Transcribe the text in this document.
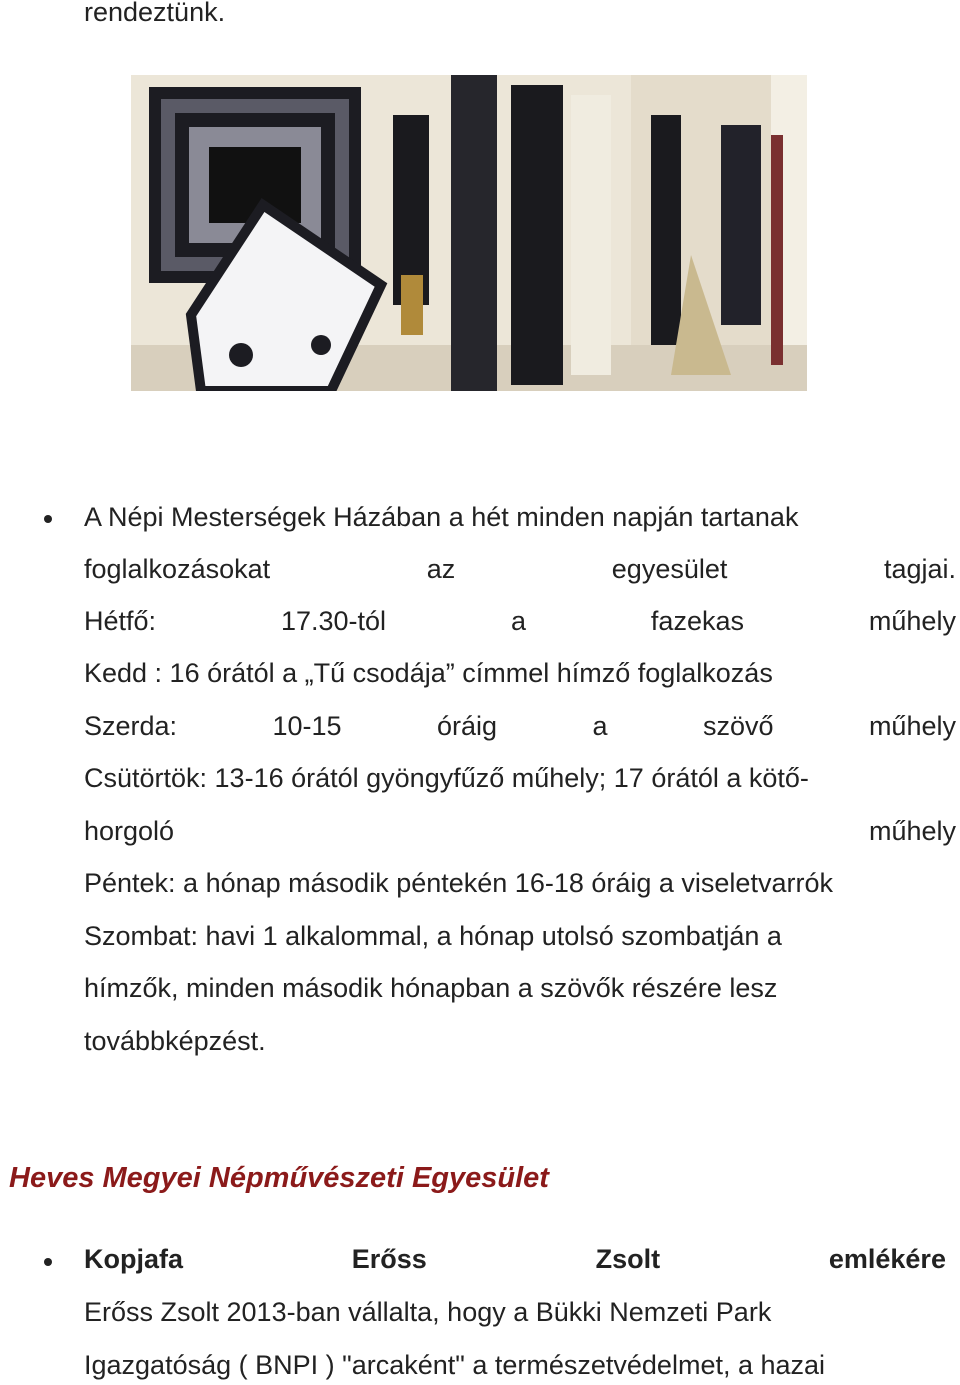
rendeztünk.
A Népi Mesterségek Házában a hét minden napján tartanak
foglalkozásokat	az	egyesület	tagjai.
Hétfő:	17.30-tól	a	fazekas	műhely
Kedd : 16 órától a „Tű csodája” címmel hímző foglalkozás
Szerda:	10-15	óráig	a	szövő	műhely
Csütörtök: 13-16 órától gyöngyfűző műhely; 17 órától a kötő-
horgoló	műhely
Péntek: a hónap második péntekén 16-18 óráig a viseletvarrók
Szombat: havi 1 alkalommal, a hónap utolsó szombatján a
hímzők, minden második hónapban a szövők részére lesz
továbbképzést.
Heves Megyei Népművészeti Egyesület
Kopjafa	Erőss	Zsolt	emlékére
Erőss Zsolt 2013-ban vállalta, hogy a Bükki Nemzeti Park
Igazgatóság ( BNPI ) "arcaként" a természetvédelmet, a hazai
